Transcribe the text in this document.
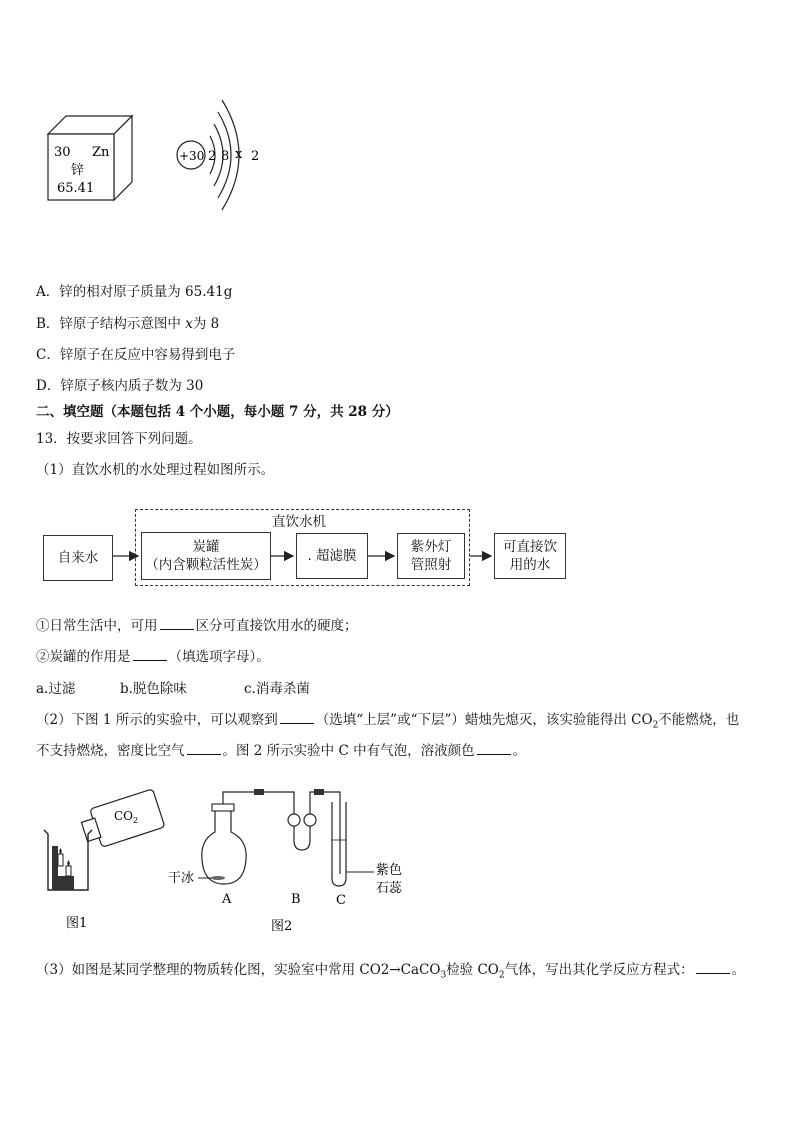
30 Zn
锌
65.41
+30 2 8 x 2
A．锌的相对原子质量为 65.41g
B．锌原子结构示意图中 x为 8
C．锌原子在反应中容易得到电子
D．锌原子核内质子数为 30
二、填空题（本题包括 4 个小题，每小题 7 分，共 28 分）
13．按要求回答下列问题。
（1）直饮水机的水处理过程如图所示。
直饮水机
自来水
炭罐
（内含颗粒活性炭）
. 超滤膜
紫外灯
管照射
可直接饮
用的水
①日常生活中，可用	区分可直接饮用水的硬度；
②炭罐的作用是	（填选项字母）。
a.过滤	b.脱色除味	c.消毒杀菌
（2）下图 1 所示的实验中，可以观察到	（选填“上层”或“下层”）蜡烛先熄灭，该实验能得出 $CO_2$不能燃烧，也
不支持燃烧，密度比空气	。图 2 所示实验中 C 中有气泡，溶液颜色	。
$CO_2$
图1
干冰
A	B	C
紫色
石蕊
图2
（3）如图是某同学整理的物质转化图，实验室中常用 CO2→CaCO$_3$检验 $CO_2$气体，写出其化学反应方程式：	。
